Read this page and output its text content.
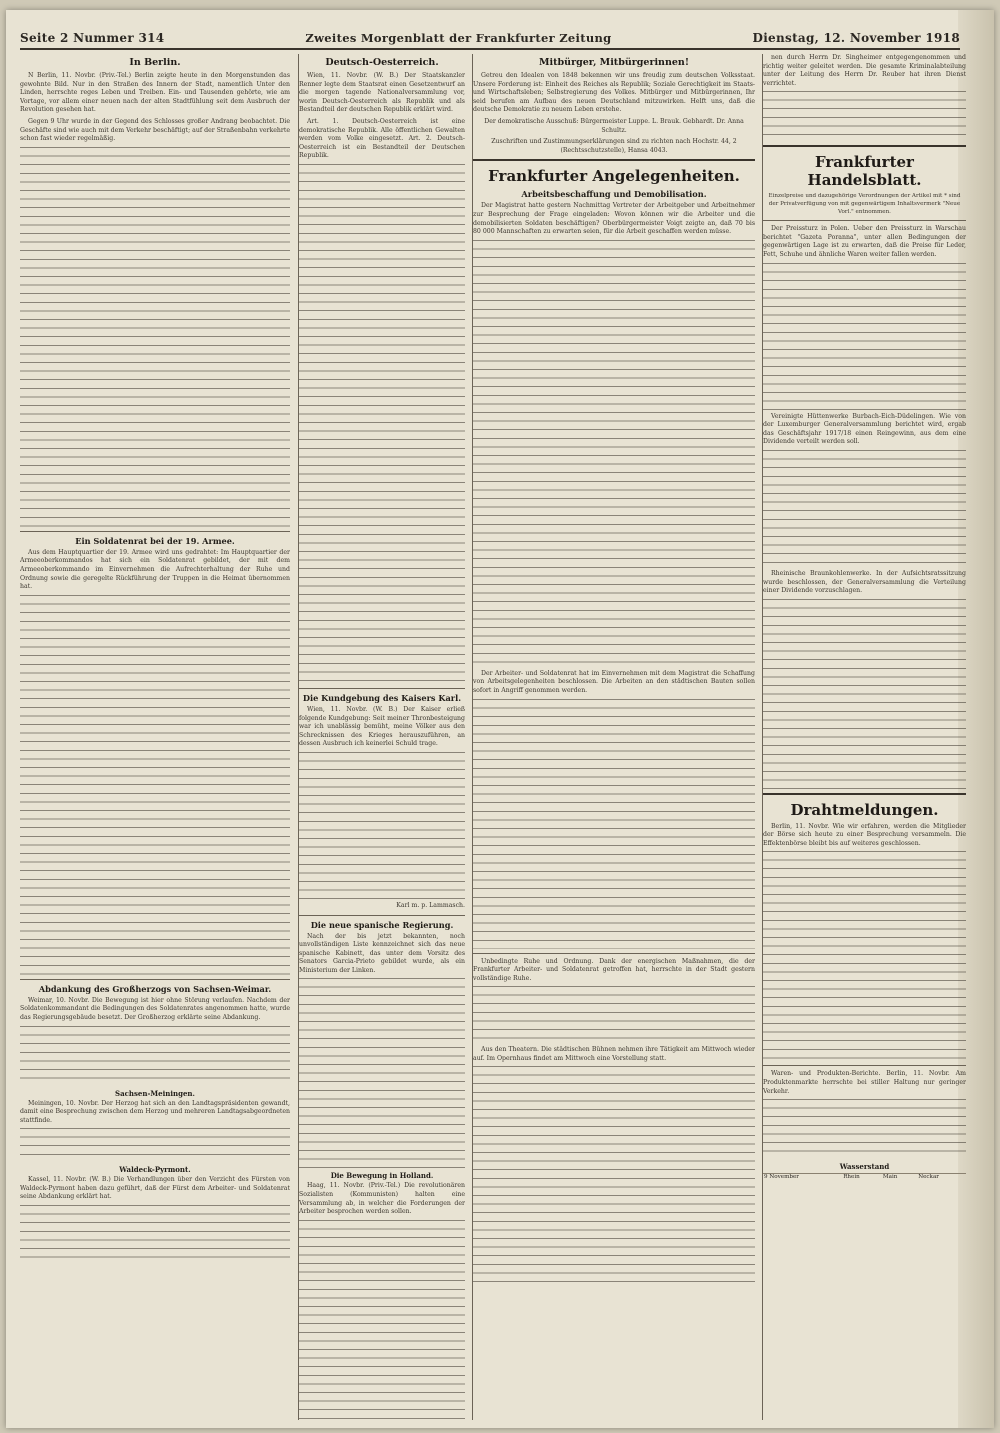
Seite 2 Nummer 314	Zweites Morgenblatt der Frankfurter Zeitung	Dienstag, 12. November 1918
In Berlin.

N Berlin, 11. Novbr. (Priv.-Tel.) Berlin zeigte heute in den Morgenstunden das gewohnte Bild. Nur in den Straßen des Innern der Stadt, namentlich Unter den Linden, herrschte reges Leben und Treiben. Ein- und Tausenden gehörte, wie am Vortage, vor allem einer neuen nach der alten Stadtfühlung seit dem Ausbruch der Revolution gesehen hat.

Gegen 9 Uhr wurde in der Gegend des Schlosses großer Andrang beobachtet. Die Geschäfte sind wie auch mit dem Verkehr beschäftigt; auf der Straßenbahn verkehrte schon fast wieder regelmäßig.

Ein Soldatenrat bei der 19. Armee.

Aus dem Hauptquartier der 19. Armee wird uns gedrahtet: Im Hauptquartier der Armeeoberkommandos hat sich ein Soldatenrat gebildet, der mit dem Armeeoberkommando im Einvernehmen die Aufrechterhaltung der Ruhe und Ordnung sowie die geregelte Rückführung der Truppen in die Heimat übernommen hat.

Abdankung des Großherzogs von Sachsen-Weimar.

Weimar, 10. Novbr. Die Bewegung ist hier ohne Störung verlaufen. Nachdem der Soldatenkommandant die Bedingungen des Soldatenrates angenommen hatte, wurde das Regierungsgebäude besetzt. Der Großherzog erklärte seine Abdankung.

Sachsen-Meiningen.

Meiningen, 10. Novbr. Der Herzog hat sich an den Landtagspräsidenten gewandt, damit eine Besprechung zwischen dem Herzog und mehreren Landtagsabgeordneten stattfinde.

Waldeck-Pyrmont.

Kassel, 11. Novbr. (W. B.) Die Verhandlungen über den Verzicht des Fürsten von Waldeck-Pyrmont haben dazu geführt, daß der Fürst dem Arbeiter- und Soldatenrat seine Abdankung erklärt hat.

Deutsch-Oesterreich.

Wien, 11. Novbr. (W. B.) Der Staatskanzler Renner legte dem Staatsrat einen Gesetzentwurf an die morgen tagende Nationalversammlung vor, worin Deutsch-Oesterreich als Republik und als Bestandteil der deutschen Republik erklärt wird.

Art. 1. Deutsch-Oesterreich ist eine demokratische Republik. Alle öffentlichen Gewalten werden vom Volke eingesetzt. Art. 2. Deutsch-Oesterreich ist ein Bestandteil der Deutschen Republik.

Die Kundgebung des Kaisers Karl.

Wien, 11. Novbr. (W. B.) Der Kaiser erließ folgende Kundgebung: Seit meiner Thronbesteigung war ich unablässig bemüht, meine Völker aus den Schrecknissen des Krieges herauszuführen, an dessen Ausbruch ich keinerlei Schuld trage.

Karl m. p. Lammasch.

Die neue spanische Regierung.

Nach der bis jetzt bekannten, noch unvollständigen Liste kennzeichnet sich das neue spanische Kabinett, das unter dem Vorsitz des Senators Garcia-Prieto gebildet wurde, als ein Ministerium der Linken.

Die Bewegung in Holland.

Haag, 11. Novbr. (Priv.-Tel.) Die revolutionären Sozialisten (Kommunisten) halten eine Versammlung ab, in welcher die Forderungen der Arbeiter besprochen werden sollen.

Mitbürger, Mitbürgerinnen!

Getreu den Idealen von 1848 bekennen wir uns freudig zum deutschen Volksstaat. Unsere Forderung ist: Einheit des Reiches als Republik; Soziale Gerechtigkeit im Staats- und Wirtschaftsleben; Selbstregierung des Volkes. Mitbürger und Mitbürgerinnen, Ihr seid berufen am Aufbau des neuen Deutschland mitzuwirken. Helft uns, daß die deutsche Demokratie zu neuem Leben erstehe.

Der demokratische Ausschuß: Bürgermeister Luppe. L. Brauk. Gebhardt. Dr. Anna Schultz.

Zuschriften und Zustimmungserklärungen sind zu richten nach Hochstr. 44, 2 (Rechtsschutzstelle), Hansa 4043.

Frankfurter Angelegenheiten.
Arbeitsbeschaffung und Demobilisation.

Der Magistrat hatte gestern Nachmittag Vertreter der Arbeitgeber und Arbeitnehmer zur Besprechung der Frage eingeladen: Wovon können wir die Arbeiter und die demobilisierten Soldaten beschäftigen? Oberbürgermeister Voigt zeigte an, daß 70 bis 80 000 Mannschaften zu erwarten seien, für die Arbeit geschaffen werden müsse.

Der Arbeiter- und Soldatenrat hat im Einvernehmen mit dem Magistrat die Schaffung von Arbeitsgelegenheiten beschlossen. Die Arbeiten an den städtischen Bauten sollen sofort in Angriff genommen werden.

Unbedingte Ruhe und Ordnung. Dank der energischen Maßnahmen, die der Frankfurter Arbeiter- und Soldatenrat getroffen hat, herrschte in der Stadt gestern vollständige Ruhe.

Aus den Theatern. Die städtischen Bühnen nehmen ihre Tätigkeit am Mittwoch wieder auf. Im Opernhaus findet am Mittwoch eine Vorstellung statt.

nen durch Herrn Dr. Singheimer entgegengenommen und richtig weiter geleitet werden. Die gesamte Kriminalabteilung unter der Leitung des Herrn Dr. Reuber hat ihren Dienst verrichtet.

Frankfurter Handelsblatt.

Einzelpreise und dazugehörige Verordnungen der Artikel mit * sind der Privatverfügung von mit gegenwärtigem Inhaltsvermerk "Neue Vorl." entnommen.

Der Preissturz in Polen. Ueber den Preissturz in Warschau berichtet "Gazeta Poranna", unter allen Bedingungen der gegenwärtigen Lage ist zu erwarten, daß die Preise für Leder, Fett, Schuhe und ähnliche Waren weiter fallen werden.

Vereinigte Hüttenwerke Burbach-Eich-Düdelingen. Wie von der Luxemburger Generalversammlung berichtet wird, ergab das Geschäftsjahr 1917/18 einen Reingewinn, aus dem eine Dividende verteilt werden soll.

Rheinische Braunkohlenwerke. In der Aufsichtsratssitzung wurde beschlossen, der Generalversammlung die Verteilung einer Dividende vorzuschlagen.

Drahtmeldungen.

Berlin, 11. Novbr. Wie wir erfahren, werden die Mitglieder der Börse sich heute zu einer Besprechung versammeln. Die Effektenbörse bleibt bis auf weiteres geschlossen.

Waren- und Produkten-Berichte. Berlin, 11. Novbr. Am Produktenmarkte herrschte bei stiller Haltung nur geringer Verkehr.

Wasserstand
9 November	Rhein	Main	Neckar
